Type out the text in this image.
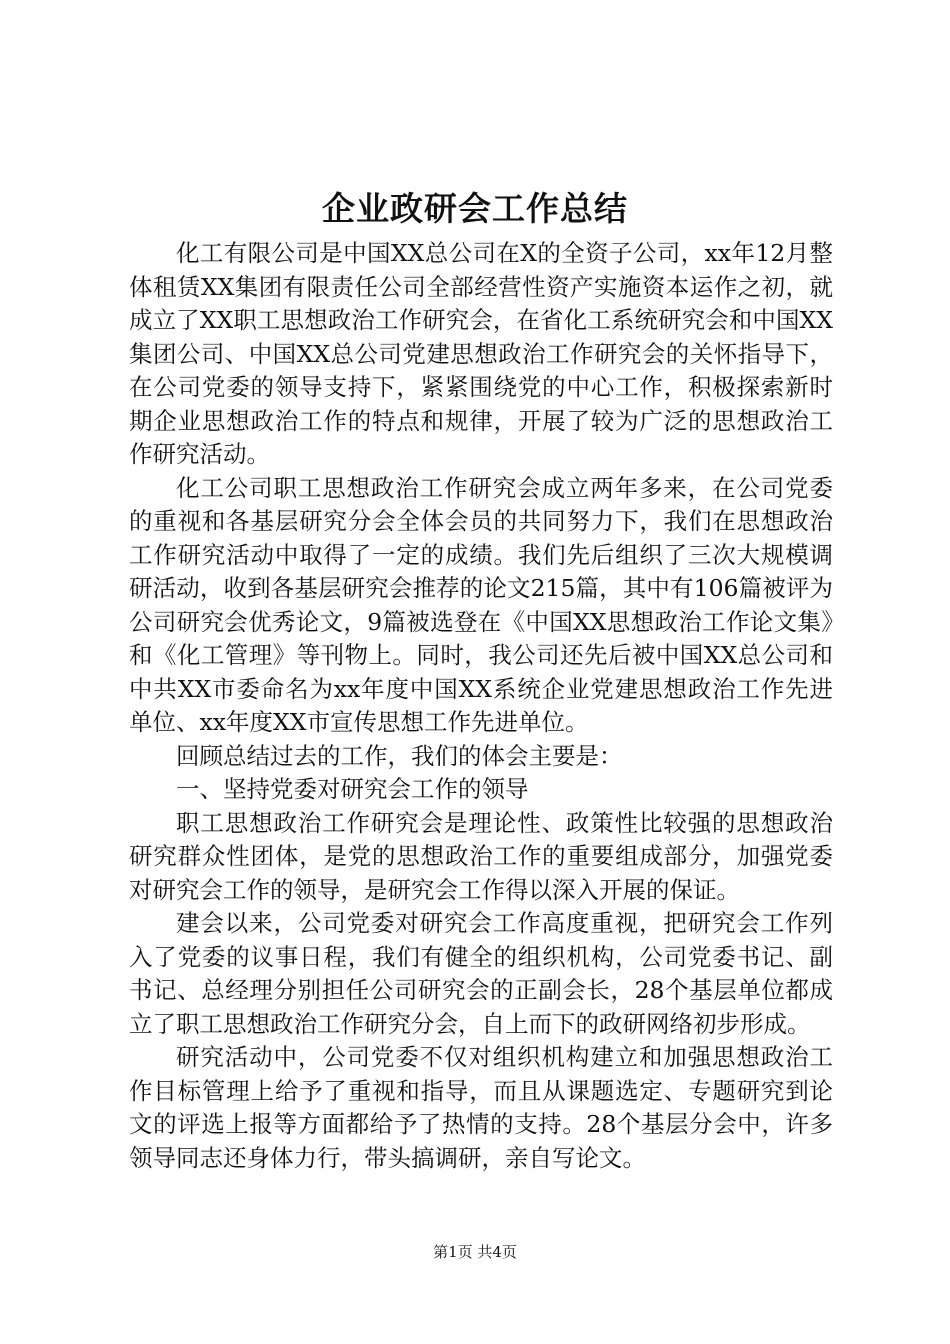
企业政研会工作总结

化工有限公司是中国XX总公司在X的全资子公司，xx年12月整体租赁XX集团有限责任公司全部经营性资产实施资本运作之初，就成立了XX职工思想政治工作研究会，在省化工系统研究会和中国XX集团公司、中国XX总公司党建思想政治工作研究会的关怀指导下，在公司党委的领导支持下，紧紧围绕党的中心工作，积极探索新时期企业思想政治工作的特点和规律，开展了较为广泛的思想政治工作研究活动。

化工公司职工思想政治工作研究会成立两年多来，在公司党委的重视和各基层研究分会全体会员的共同努力下，我们在思想政治工作研究活动中取得了一定的成绩。我们先后组织了三次大规模调研活动，收到各基层研究会推荐的论文215篇，其中有106篇被评为公司研究会优秀论文，9篇被选登在《中国XX思想政治工作论文集》和《化工管理》等刊物上。同时，我公司还先后被中国XX总公司和中共XX市委命名为xx年度中国XX系统企业党建思想政治工作先进单位、xx年度XX市宣传思想工作先进单位。

回顾总结过去的工作，我们的体会主要是：

一、坚持党委对研究会工作的领导

职工思想政治工作研究会是理论性、政策性比较强的思想政治研究群众性团体，是党的思想政治工作的重要组成部分，加强党委对研究会工作的领导，是研究会工作得以深入开展的保证。

建会以来，公司党委对研究会工作高度重视，把研究会工作列入了党委的议事日程，我们有健全的组织机构，公司党委书记、副书记、总经理分别担任公司研究会的正副会长，28个基层单位都成立了职工思想政治工作研究分会，自上而下的政研网络初步形成。

研究活动中，公司党委不仅对组织机构建立和加强思想政治工作目标管理上给予了重视和指导，而且从课题选定、专题研究到论文的评选上报等方面都给予了热情的支持。28个基层分会中，许多领导同志还身体力行，带头搞调研，亲自写论文。

第1页 共4页
